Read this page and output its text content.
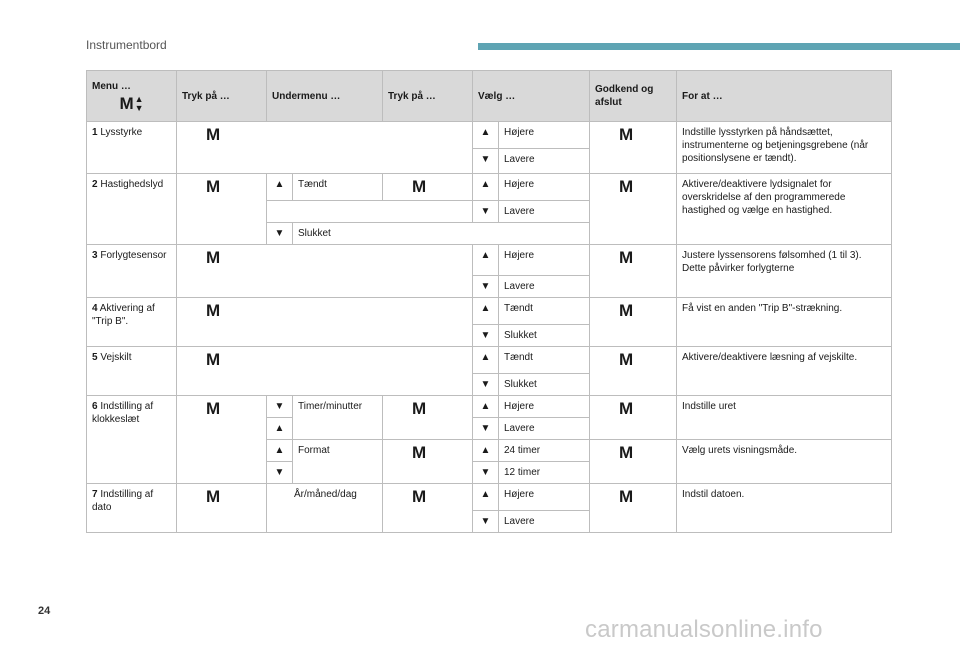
Instrumentbord
Menu …
M ▲
▼	Tryk på …	Undermenu …		Tryk på …	Vælg …		Godkend og afslut	For at …
1 Lysstyrke	M				▲	Højere	M	Indstille lysstyrken på håndsættet, instrumenterne og betjeningsgrebene (når positionslysene er tændt).

					▼	Lavere		
2 Hastighedslyd	M	▲	Tændt	M	▲	Højere	M	Aktivere/deaktivere lydsignalet for overskridelse af den programmerede hastighed og vælge en hastighed.

					▼	Lavere		

		▼	Slukket					
3 Forlygtesensor	M				▲	Højere	M	Justere lyssensorens følsomhed (1 til 3). Dette påvirker forlygterne

					▼	Lavere		
4 Aktivering af "Trip B".	M				▲	Tændt	M	Få vist en anden "Trip B"-strækning.

					▼	Slukket		
5 Vejskilt	M				▲	Tændt	M	Aktivere/deaktivere læsning af vejskilte.

					▼	Slukket		
6 Indstilling af klokkeslæt	M	▼	Timer/minutter	M	▲	Højere	M	Indstille uret

		▲			▼	Lavere		

		▲	Format	M	▲	24 timer	M	Vælg urets visningsmåde.

		▼			▼	12 timer		
7 Indstilling af dato	M	År/måned/dag		M	▲	Højere	M	Indstil datoen.

					▼	Lavere		
24
carmanualsonline.info
